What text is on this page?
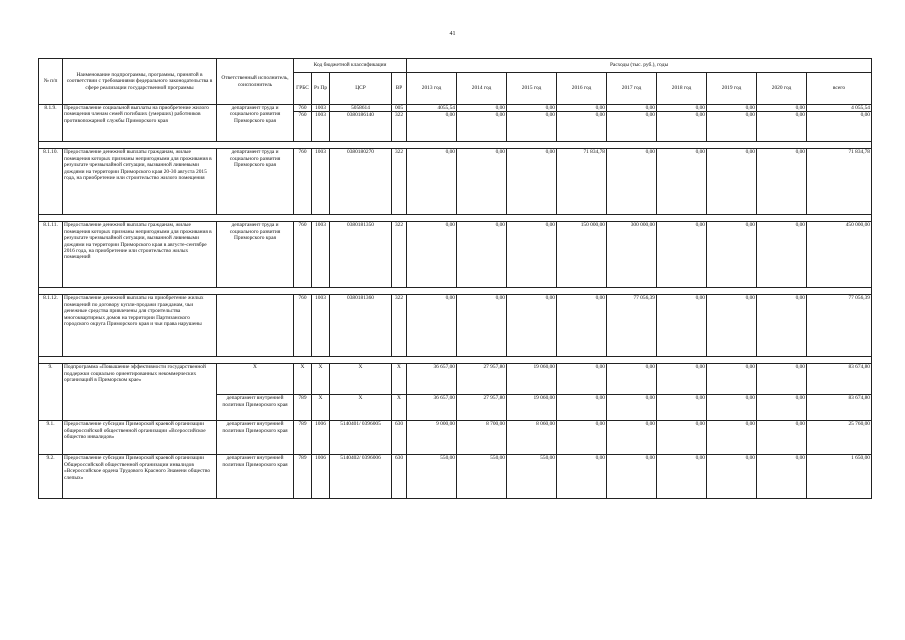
41
№ п/п	Наименование подпрограммы, программы, принятой в соответствии с требованиями федерального законодательства в сфере реализации государственной программы	Ответственный исполнитель, соисполнитель	Код бюджетной классификации				Расходы (тыс. руб.), годы								
			ГРБС	Рз Пр	ЦСР	ВР	2013 год	2014 год	2015 год	2016 год	2017 год	2018 год	2019 год	2020 год	всего
8.1.9.	Предоставление социальной выплаты на приобретение жилого помещения членам семей погибших (умерших) работников противопожарной службы Приморского края	департамент труда и социального развития Приморского края	760	1003	5058614	005	4055,54	0,00	0,00	0,00	0,00	0,00	0,00	0,00	4 055,54
			760	1003	0380186140	322	0,00	0,00	0,00	0,00	0,00	0,00	0,00	0,00	0,00

8.1.10.	Предоставление денежной выплаты гражданам, жилые помещения которых признаны непригодными для проживания в результате чрезвычайной ситуации, вызванной ливневыми дождями на территории Приморского края 20-30 августа 2015 года, на приобретение или строительство жилого помещения	департамент труда и социального развития Приморского края	760	1003	0380180270	322	0,00	0,00	0,00	71 834,78	0,00	0,00	0,00	0,00	71 834,78

8.1.11.	Предоставление денежной выплаты гражданам, жилые помещения которых признаны непригодными для проживания в результате чрезвычайной ситуации, вызванной ливневыми дождями на территории Приморского края в августе-сентябре 2016 года, на приобретение или строительство жилых помещений	департамент труда и социального развития Приморского края	760	1003	0380181350	322	0,00	0,00	0,00	150 000,00	300 000,00	0,00	0,00	0,00	450 000,00

8.1.12.	Предоставление денежной выплаты на приобретение жилых помещений по договору купли-продажи гражданам, чьи денежные средства привлечены для строительства многоквартирных домов на территории Партизанского городского округа Приморского края и чьи права нарушены		760	1003	0380181360	322	0,00	0,00	0,00	0,00	77 056,39	0,00	0,00	0,00	77 056,39

9.	Подпрограмма «Повышение эффективности государственной поддержки социально ориентированных некоммерческих организаций в Приморском крае»	X	X	X	X	X	36 657,00	27 957,80	19 060,00	0,00	0,00	0,00	0,00	0,00	83 674,80
		департамент внутренней политики Приморского края	789	X	X	X	36 657,00	27 957,80	19 060,00	0,00	0,00	0,00	0,00	0,00	83 674,80
9.1.	Предоставление субсидии Приморской краевой организации общероссийской общественной организации «Всероссийское общество инвалидов»	департамент внутренней политики Приморского края	789	1006	5140401/ 0396005	630	9 000,00	8 700,00	8 060,00	0,00	0,00	0,00	0,00	0,00	25 760,00
9.2.	Предоставление субсидии Приморской краевой организации Общероссийской общественной организации инвалидов «Всероссийское ордена Трудового Красного Знамени общество слепых»	департамент внутренней политики Приморского края	789	1006	5140402/ 0396006	630	550,00	550,00	550,00	0,00	0,00	0,00	0,00	0,00	1 650,00
